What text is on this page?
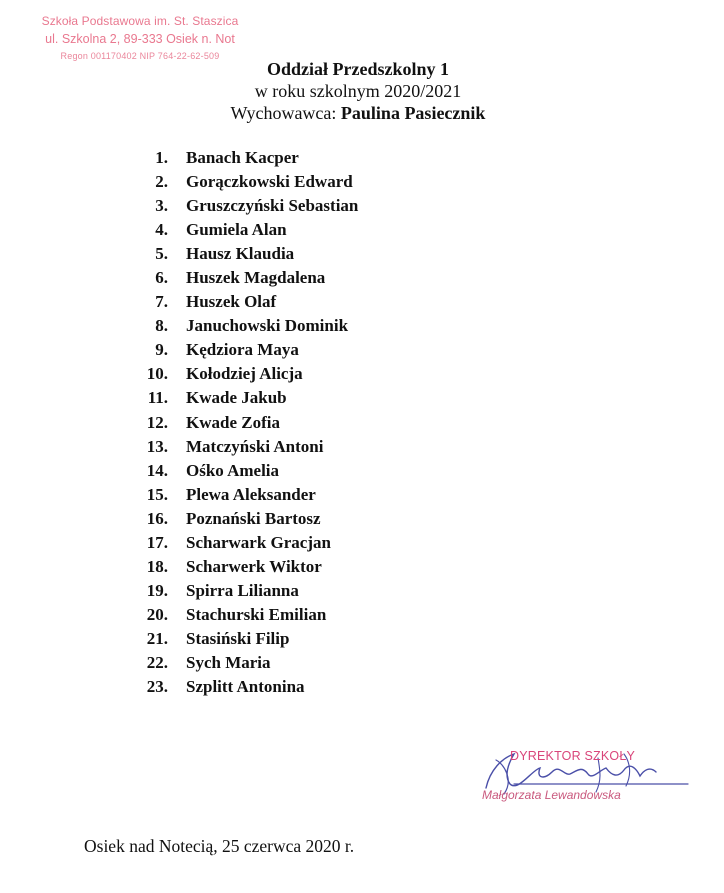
Szkoła Podstawowa im. St. Staszica
ul. Szkolna 2, 89-333 Osiek n. Not
Regon 001170402 NIP 764-22-62-509
Oddział Przedszkolny 1
w roku szkolnym 2020/2021
Wychowawca: Paulina Pasiecznik
1. Banach Kacper
2. Gorączkowski Edward
3. Gruszczyński Sebastian
4. Gumiela Alan
5. Hausz Klaudia
6. Huszek Magdalena
7. Huszek Olaf
8. Januchowski Dominik
9. Kędziora Maya
10. Kołodziej Alicja
11. Kwade Jakub
12. Kwade Zofia
13. Matczyński Antoni
14. Ośko Amelia
15. Plewa Aleksander
16. Poznański Bartosz
17. Scharwark Gracjan
18. Scharwerk Wiktor
19. Spirra Lilianna
20. Stachurski Emilian
21. Stasiński Filip
22. Sych Maria
23. Szplitt Antonina
DYREKTOR SZKOŁY
Małgorzata Lewandowska
Osiek nad Notecią, 25 czerwca 2020 r.
